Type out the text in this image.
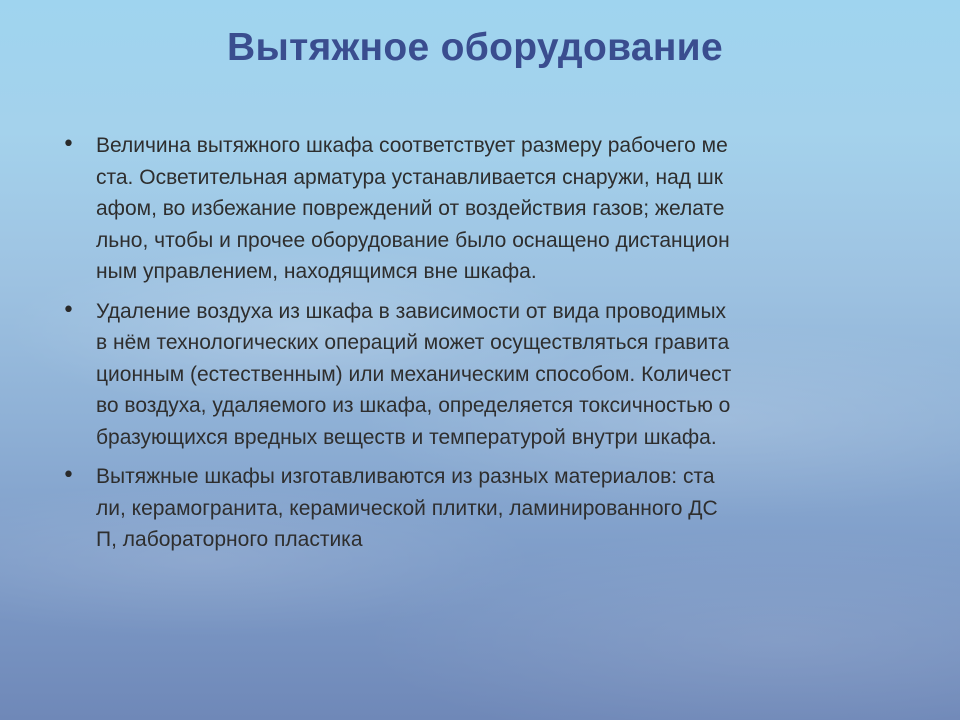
Вытяжное оборудование
• Величина вытяжного шкафа соответствует размеру рабочего ме
ста. Осветительная арматура устанавливается снаружи, над шк
афом, во избежание повреждений от воздействия газов; желате
льно, чтобы и прочее оборудование было оснащено дистанцион
ным управлением, находящимся вне шкафа.
• Удаление воздуха из шкафа в зависимости от вида проводимых
в нём технологических операций может осуществляться гравита
ционным (естественным) или механическим способом. Количест
во воздуха, удаляемого из шкафа, определяется токсичностью о
бразующихся вредных веществ и температурой внутри шкафа.
• Вытяжные шкафы изготавливаются из разных материалов: ста
ли, керамогранита, керамической плитки, ламинированного ДС
П, лабораторного пластика
